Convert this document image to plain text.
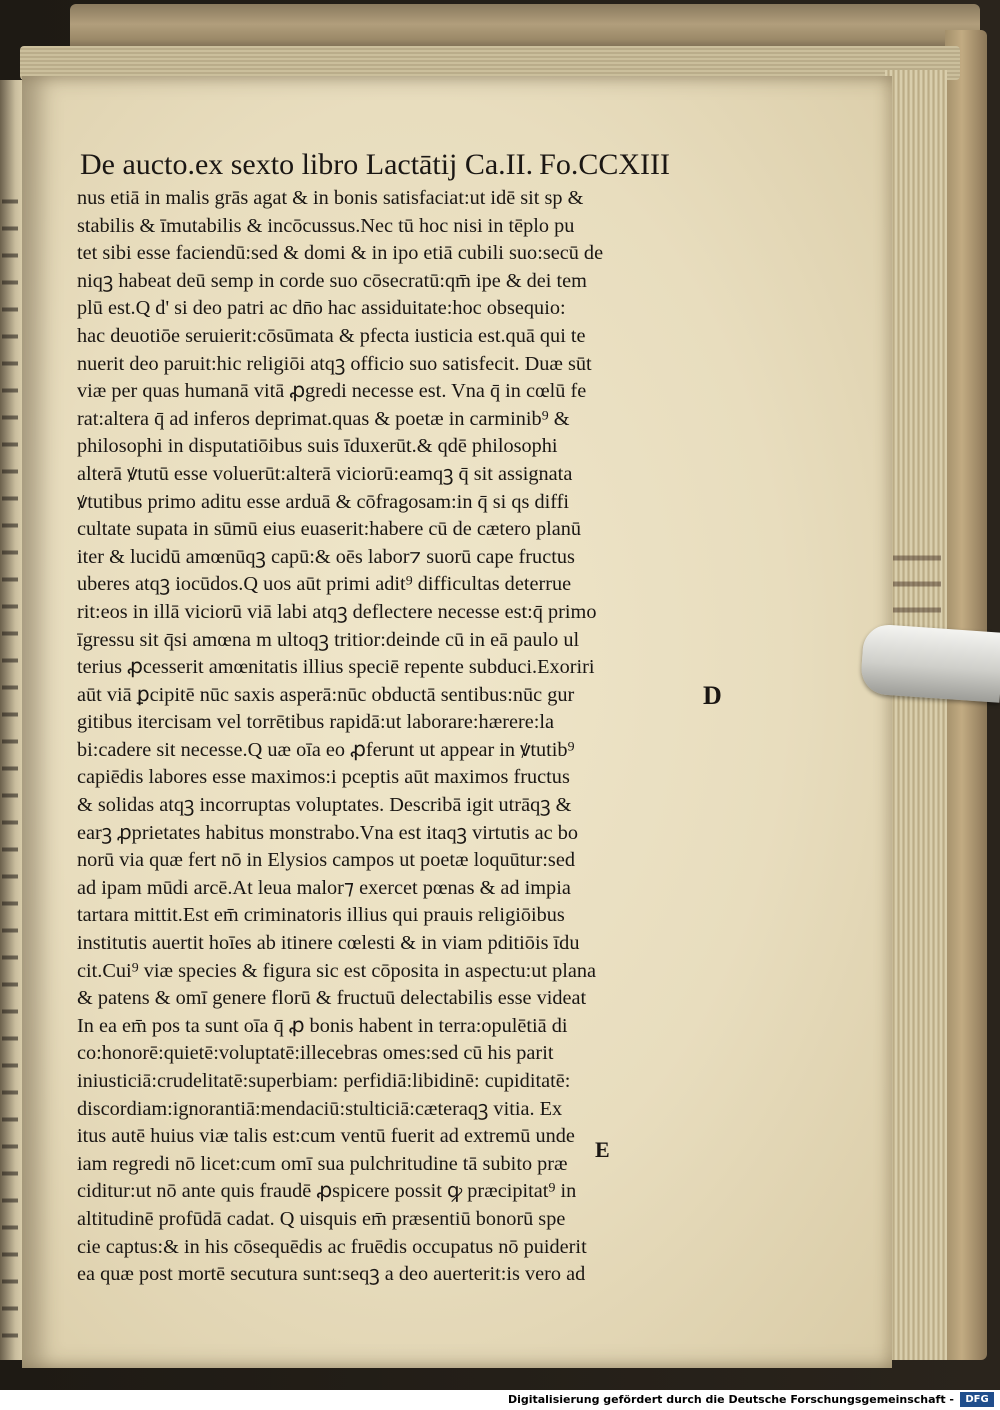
De aucto.ex sexto libro Lactātij Ca.II. Fo.CCXIII
nus etiā in malis grās agat & in bonis satisfaciat:ut idē sit sp &
stabilis & īmutabilis & incōcussus.Nec tū hoc nisi in tēplo pu
tet sibi esse faciendū:sed & domi & in ipo etiā cubili suo:secū de
niqꝫ habeat deū semp in corde suo cōsecratū:qm̄ ipe & dei tem
plū est.Q d' si deo patri ac dn̄o hac assiduitate:hoc obsequio:
hac deuotiōe seruierit:cōsūmata & pfecta iusticia est.quā qui te
nuerit deo paruit:hic religiōi atqꝫ officio suo satisfecit. Duæ sūt
viæ per quas humanā vitā ꝓgredi necesse est. Vna q̄ in cœlū fe
rat:altera q̄ ad inferos deprimat.quas & poetæ in carminib⁹ &
philosophi in disputatiōibus suis īduxerūt.& qdē philosophi
alterā ꝟtutū esse voluerūt:alterā viciorū:eamqꝫ q̄ sit assignata
ꝟtutibus primo aditu esse arduā & cōfragosam:in q̄ si qs diffi
cultate supata in sūmū eius euaserit:habere cū de cætero planū
iter & lucidū amœnūqꝫ capū:& oēs labor⁊ suorū cape fructus
uberes atqꝫ iocūdos.Q uos aūt primi adit⁹ difficultas deterrue
rit:eos in illā viciorū viā labi atqꝫ deflectere necesse est:q̄ primo
īgressu sit q̄si amœna m ultoqꝫ tritior:deinde cū in eā paulo ul
terius ꝓcesserit amœnitatis illius speciē repente subduci.Exoriri
aūt viā ꝑcipitē nūc saxis asperā:nūc obductā sentibus:nūc gur
gitibus itercisam vel torrētibus rapidā:ut laborare:hærere:la
bi:cadere sit necesse.Q uæ oīa eo ꝓferunt ut appear in ꝟtutib⁹
capiēdis labores esse maximos:i pceptis aūt maximos fructus
& solidas atqꝫ incorruptas voluptates. Describā igit utrāqꝫ &
earꝫ ꝓprietates habitus monstrabo.Vna est itaqꝫ virtutis ac bo
norū via quæ fert nō in Elysios campos ut poetæ loquūtur:sed
ad ipam mūdi arcē.At leua malor⁊ exercet pœnas & ad impia
tartara mittit.Est em̄ criminatoris illius qui prauis religiōibus
institutis auertit hoīes ab itinere cœlesti & in viam pditiōis īdu
cit.Cui⁹ viæ species & figura sic est cōposita in aspectu:ut plana
& patens & omī genere florū & fructuū delectabilis esse videat
In ea em̄ pos ta sunt oīa q̄ ꝓ bonis habent in terra:opulētiā di
co:honorē:quietē:voluptatē:illecebras omes:sed cū his parit
iniusticiā:crudelitatē:superbiam: perfidiā:libidinē: cupiditatē:
discordiam:ignorantiā:mendaciū:stulticiā:cæteraqꝫ vitia. Ex
itus autē huius viæ talis est:cum ventū fuerit ad extremū unde
iam regredi nō licet:cum omī sua pulchritudine tā subito præ
ciditur:ut nō ante quis fraudē ꝓspicere possit ꝙ præcipitat⁹ in
altitudinē profūdā cadat. Q uisquis em̄ præsentiū bonorū spe
cie captus:& in his cōsequēdis ac fruēdis occupatus nō puiderit
ea quæ post mortē secutura sunt:seqꝫ a deo auerterit:is vero ad
D
E
Digitalisierung gefördert durch die Deutsche Forschungsgemeinschaft -	DFG
